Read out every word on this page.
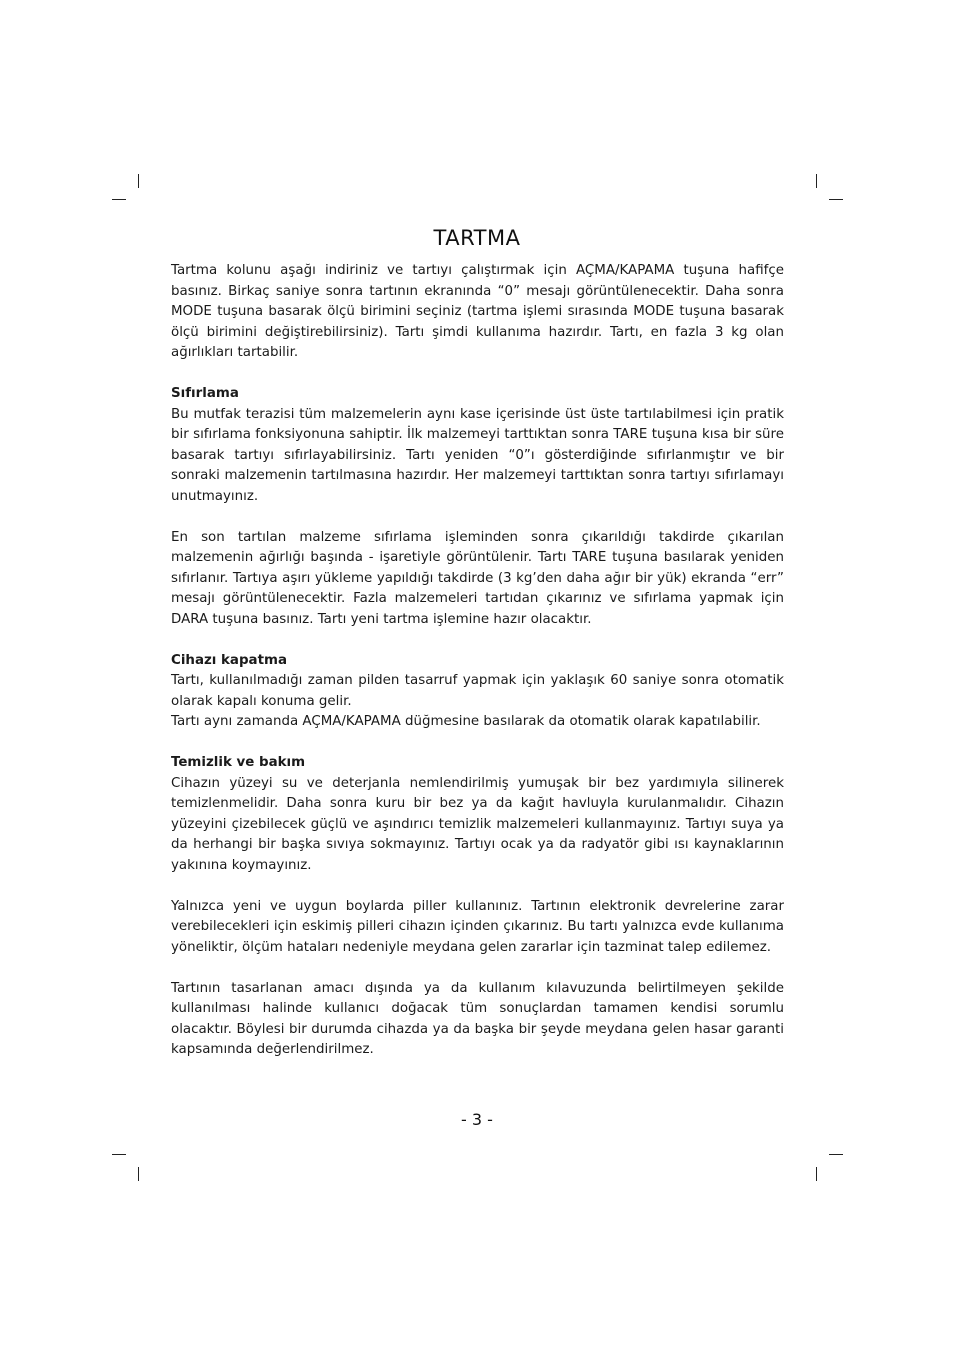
TARTMA

Tartma kolunu aşağı indiriniz ve tartıyı çalıştırmak için AÇMA/KAPAMA tuşuna hafifçe basınız. Birkaç saniye sonra tartının ekranında “0” mesajı görüntülenecektir. Daha sonra MODE tuşuna basarak ölçü birimini seçiniz (tartma işlemi sırasında MODE tuşuna basarak ölçü birimini değiştirebilirsiniz). Tartı şimdi kullanıma hazırdır. Tartı, en fazla 3 kg olan ağırlıkları tartabilir.

Sıfırlama

Bu mutfak terazisi tüm malzemelerin aynı kase içerisinde üst üste tartılabilmesi için pratik bir sıfırlama fonksiyonuna sahiptir. İlk malzemeyi tarttıktan sonra TARE tuşuna kısa bir süre basarak tartıyı sıfırlayabilirsiniz. Tartı yeniden “0”ı gösterdiğinde sıfırlanmıştır ve bir sonraki malzemenin tartılmasına hazırdır. Her malzemeyi tarttıktan sonra tartıyı sıfırlamayı unutmayınız.

En son tartılan malzeme sıfırlama işleminden sonra çıkarıldığı takdirde çıkarılan malzemenin ağırlığı başında - işaretiyle görüntülenir. Tartı TARE tuşuna basılarak yeniden sıfırlanır. Tartıya aşırı yükleme yapıldığı takdirde (3 kg’den daha ağır bir yük) ekranda “err” mesajı görüntülenecektir. Fazla malzemeleri tartıdan çıkarınız ve sıfırlama yapmak için DARA tuşuna basınız. Tartı yeni tartma işlemine hazır olacaktır.

Cihazı kapatma

Tartı, kullanılmadığı zaman pilden tasarruf yapmak için yaklaşık 60 saniye sonra otomatik olarak kapalı konuma gelir.

Tartı aynı zamanda AÇMA/KAPAMA düğmesine basılarak da otomatik olarak kapatılabilir.

Temizlik ve bakım

Cihazın yüzeyi su ve deterjanla nemlendirilmiş yumuşak bir bez yardımıyla silinerek temizlenmelidir. Daha sonra kuru bir bez ya da kağıt havluyla kurulanmalıdır. Cihazın yüzeyini çizebilecek güçlü ve aşındırıcı temizlik malzemeleri kullanmayınız. Tartıyı suya ya da herhangi bir başka sıvıya sokmayınız. Tartıyı ocak ya da radyatör gibi ısı kaynaklarının yakınına koymayınız.

Yalnızca yeni ve uygun boylarda piller kullanınız. Tartının elektronik devrelerine zarar verebilecekleri için eskimiş pilleri cihazın içinden çıkarınız. Bu tartı yalnızca evde kullanıma yöneliktir, ölçüm hataları nedeniyle meydana gelen zararlar için tazminat talep edilemez.

Tartının tasarlanan amacı dışında ya da kullanım kılavuzunda belirtilmeyen şekilde kullanılması halinde kullanıcı doğacak tüm sonuçlardan tamamen kendisi sorumlu olacaktır. Böylesi bir durumda cihazda ya da başka bir şeyde meydana gelen hasar garanti kapsamında değerlendirilmez.

- 3 -
